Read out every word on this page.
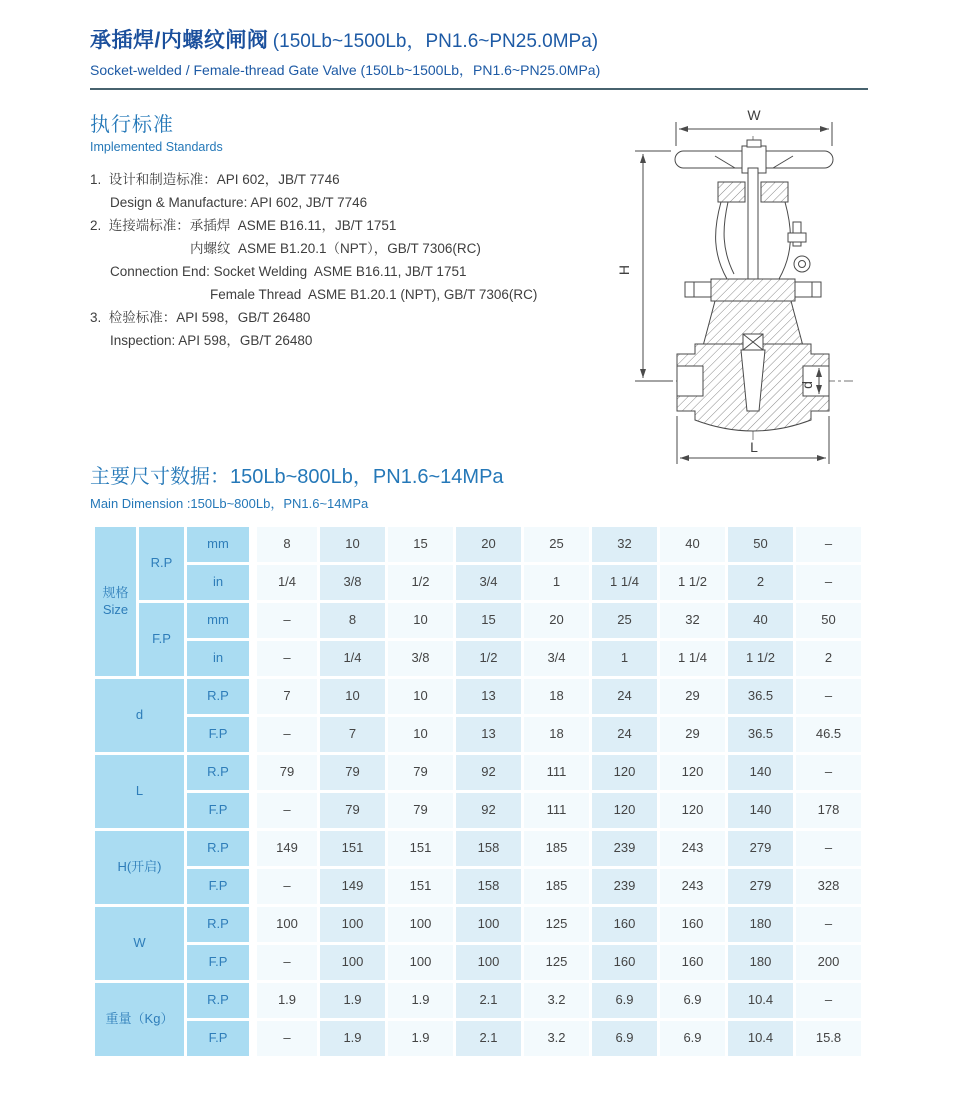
承插焊/内螺纹闸阀 (150Lb~1500Lb，PN1.6~PN25.0MPa)
Socket-welded / Female-thread Gate Valve (150Lb~1500Lb，PN1.6~PN25.0MPa)
执行标准
Implemented Standards
1.  设计和制造标准：API 602，JB/T 7746
Design & Manufacture: API 602, JB/T 7746
2.  连接端标准：承插焊  ASME B16.11，JB/T 1751
内螺纹  ASME B1.20.1（NPT），GB/T 7306(RC)
Connection End: Socket Welding  ASME B16.11, JB/T 1751
Female Thread  ASME B1.20.1 (NPT), GB/T 7306(RC)
3.  检验标准：API 598，GB/T 26480
Inspection: API 598，GB/T 26480
W
H
L
d
主要尺寸数据：150Lb~800Lb，PN1.6~14MPa
Main Dimension :150Lb~800Lb，PN1.6~14MPa
规格
Size	R.P	mm	8	10	15	20	25	32	40	50	–
		in	1/4	3/8	1/2	3/4	1	1 1/4	1 1/2	2	–
	F.P	mm	–	8	10	15	20	25	32	40	50
		in	–	1/4	3/8	1/2	3/4	1	1 1/4	1 1/2	2
d		R.P	7	10	10	13	18	24	29	36.5	–
		F.P	–	7	10	13	18	24	29	36.5	46.5
L		R.P	79	79	79	92	111	120	120	140	–
		F.P	–	79	79	92	111	120	120	140	178
H(开启)		R.P	149	151	151	158	185	239	243	279	–
		F.P	–	149	151	158	185	239	243	279	328
W		R.P	100	100	100	100	125	160	160	180	–
		F.P	–	100	100	100	125	160	160	180	200
重量（Kg）		R.P	1.9	1.9	1.9	2.1	3.2	6.9	6.9	10.4	–
		F.P	–	1.9	1.9	2.1	3.2	6.9	6.9	10.4	15.8
